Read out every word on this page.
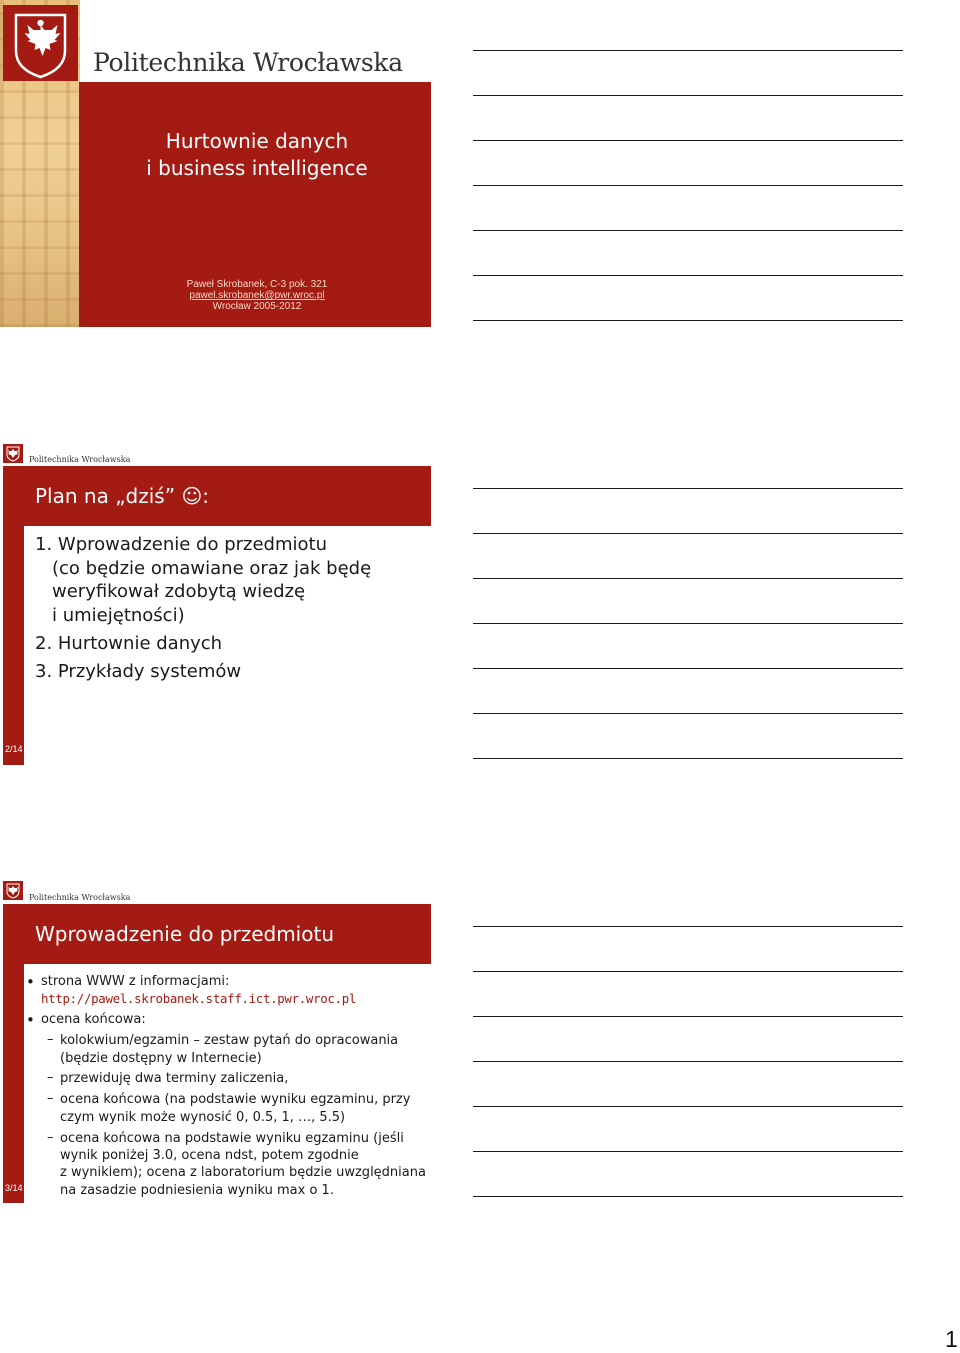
Politechnika Wrocławska
Hurtownie danych
i business intelligence
Paweł Skrobanek, C-3 pok. 321
pawel.skrobanek@pwr.wroc.pl
Wrocław 2005-2012
Politechnika Wrocławska
Plan na „dziś” ☺:
1. Wprowadzenie do przedmiotu
(co będzie omawiane oraz jak będę
weryfikował zdobytą wiedzę
i umiejętności)
2. Hurtownie danych
3. Przykłady systemów
2/14
Politechnika Wrocławska
Wprowadzenie do przedmiotu
• strona WWW z informacjami:
http://pawel.skrobanek.staff.ict.pwr.wroc.pl
• ocena końcowa:
– kolokwium/egzamin – zestaw pytań do opracowania
(będzie dostępny w Internecie)
– przewiduję dwa terminy zaliczenia,
– ocena końcowa (na podstawie wyniku egzaminu, przy
czym wynik może wynosić 0, 0.5, 1, …, 5.5)
– ocena końcowa na podstawie wyniku egzaminu (jeśli
wynik poniżej 3.0, ocena ndst, potem zgodnie
z wynikiem); ocena z laboratorium będzie uwzględniana
na zasadzie podniesienia wyniku max o 1.
3/14
1
